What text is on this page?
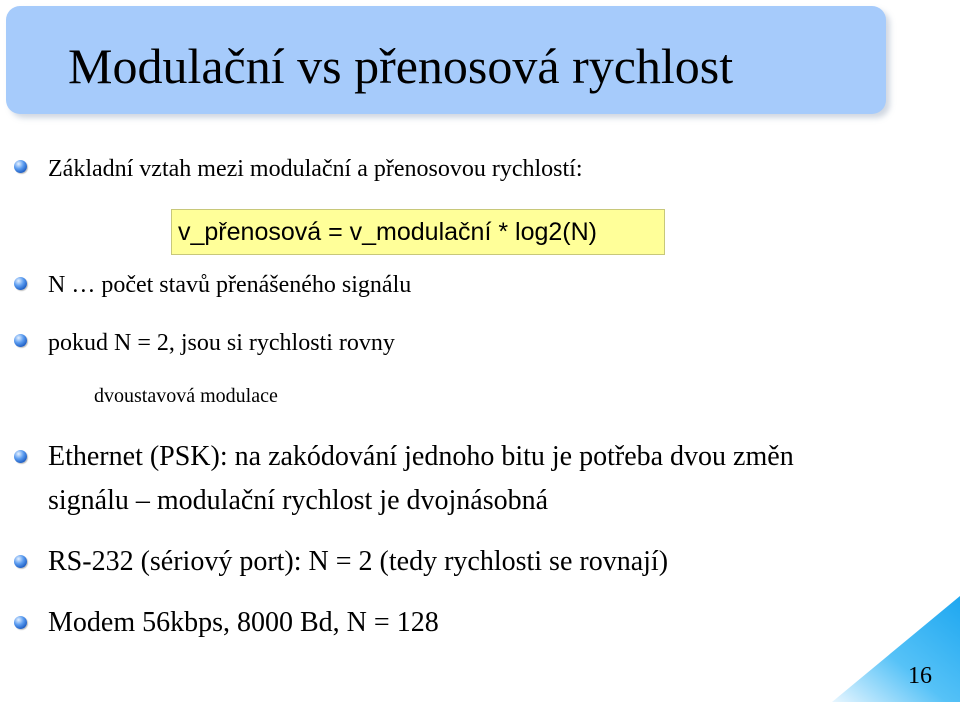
Modulační vs přenosová rychlost
Základní vztah mezi modulační a přenosovou rychlostí:
v_přenosová = v_modulační * log2(N)
N … počet stavů přenášeného signálu
pokud N = 2, jsou si rychlosti rovny
dvoustavová modulace
Ethernet (PSK): na zakódování jednoho bitu je potřeba dvou změn
signálu – modulační rychlost je dvojnásobná
RS-232 (sériový port): N = 2 (tedy rychlosti se rovnají)
Modem 56kbps, 8000 Bd, N = 128
16
